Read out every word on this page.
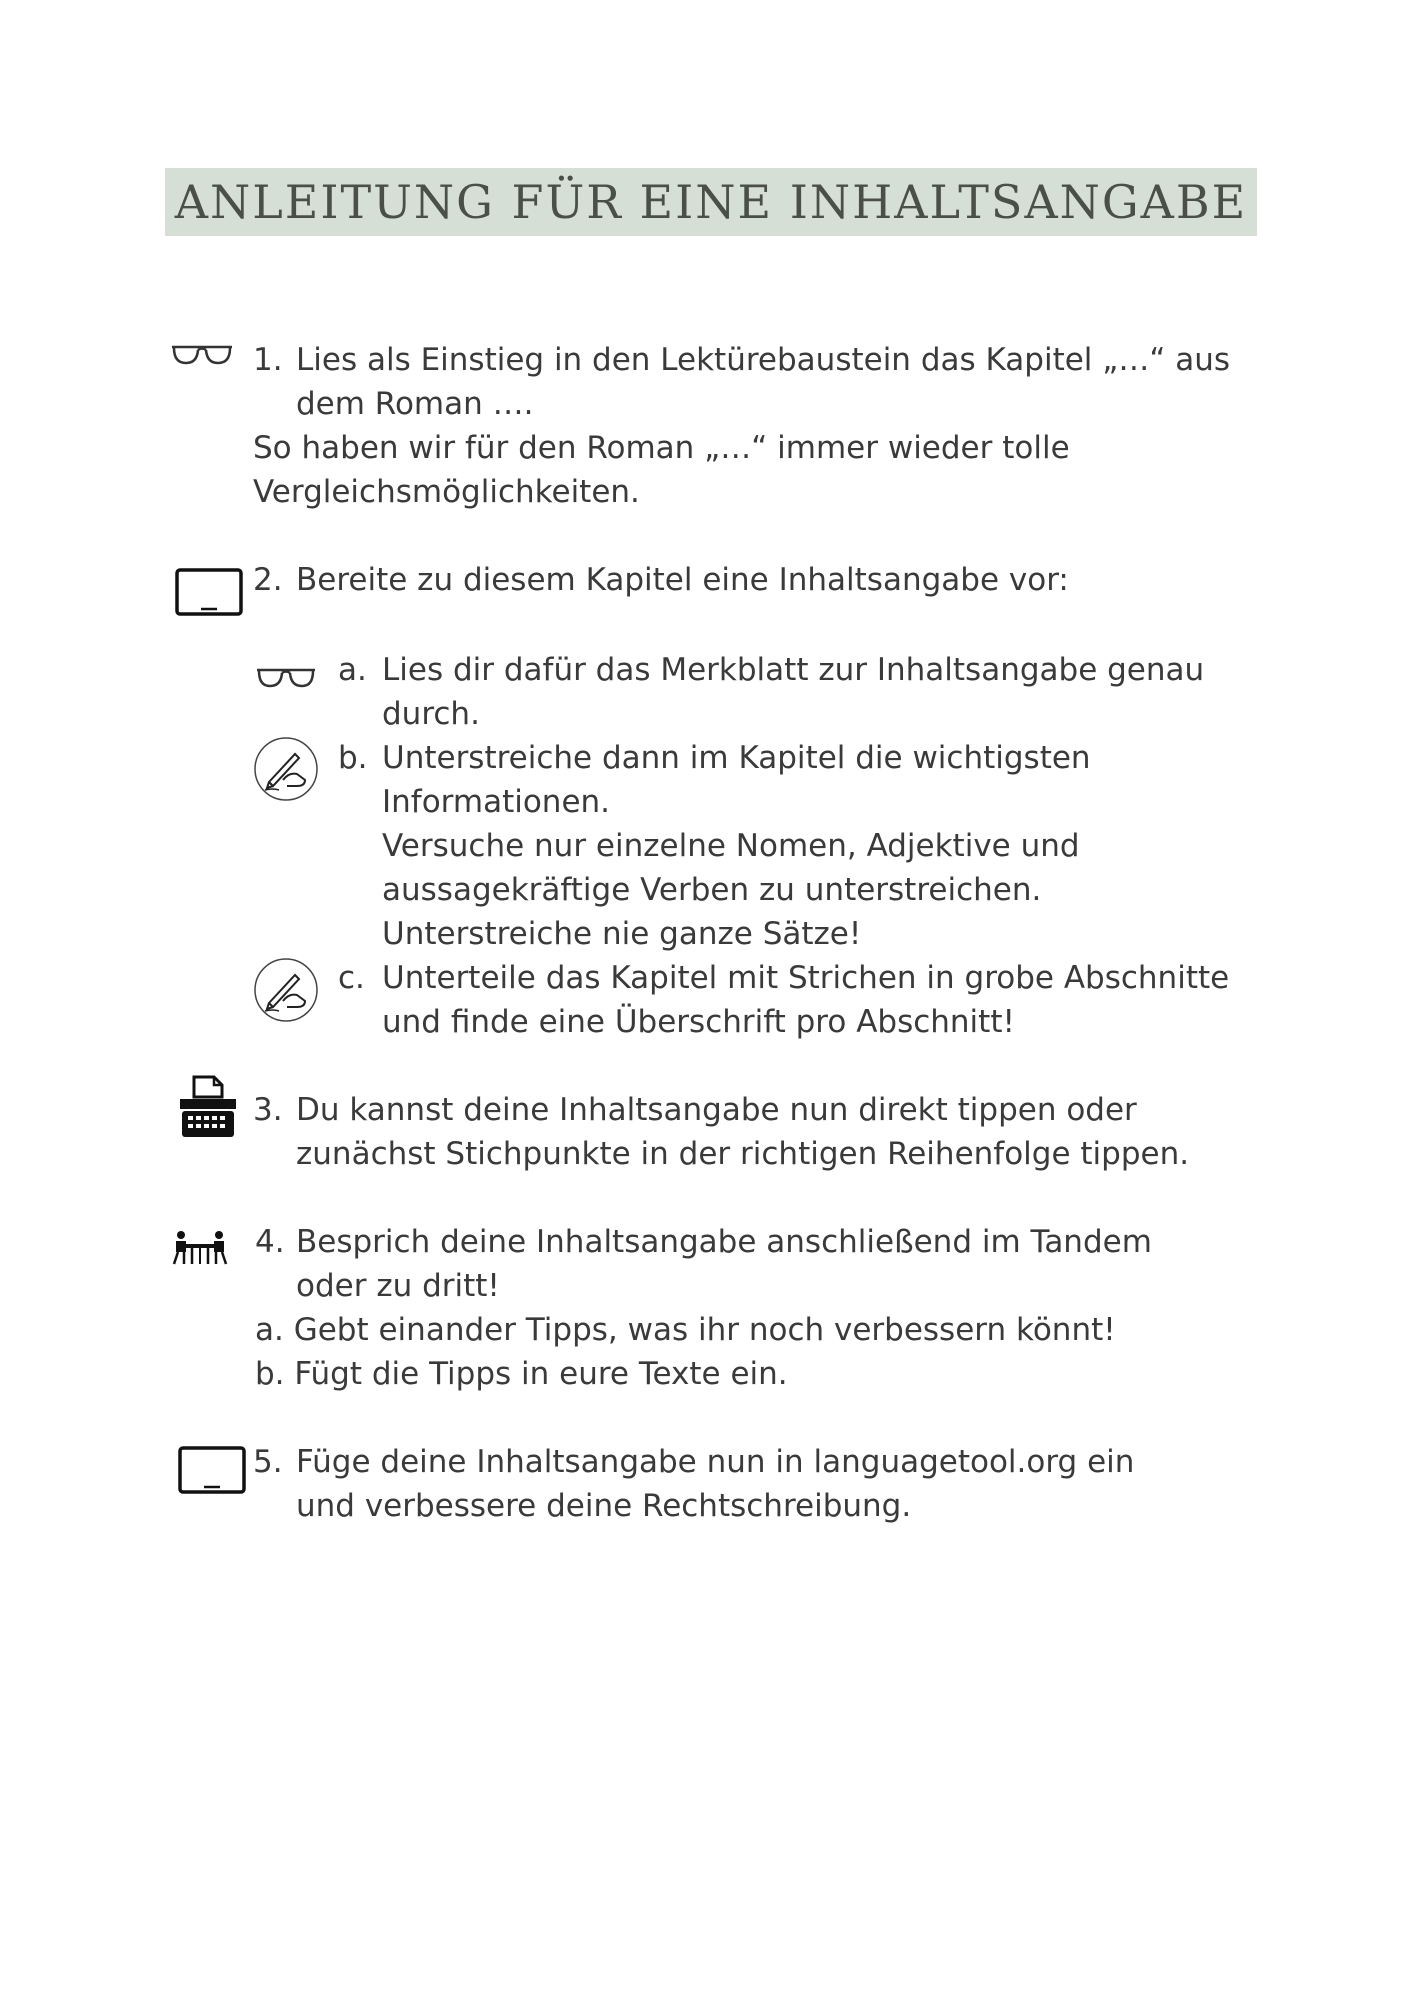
ANLEITUNG FÜR EINE INHALTSANGABE
1. Lies als Einstieg in den Lektürebaustein das Kapitel „…“ aus
dem Roman ….
So haben wir für den Roman „…“ immer wieder tolle
Vergleichsmöglichkeiten.
2. Bereite zu diesem Kapitel eine Inhaltsangabe vor:
a. Lies dir dafür das Merkblatt zur Inhaltsangabe genau
durch.
b. Unterstreiche dann im Kapitel die wichtigsten
Informationen.
Versuche nur einzelne Nomen, Adjektive und
aussagekräftige Verben zu unterstreichen.
Unterstreiche nie ganze Sätze!
c. Unterteile das Kapitel mit Strichen in grobe Abschnitte
und finde eine Überschrift pro Abschnitt!
3. Du kannst deine Inhaltsangabe nun direkt tippen oder
zunächst Stichpunkte in der richtigen Reihenfolge tippen.
4. Besprich deine Inhaltsangabe anschließend im Tandem
oder zu dritt!
a. Gebt einander Tipps, was ihr noch verbessern könnt!
b. Fügt die Tipps in eure Texte ein.
5. Füge deine Inhaltsangabe nun in languagetool.org ein
und verbessere deine Rechtschreibung.
